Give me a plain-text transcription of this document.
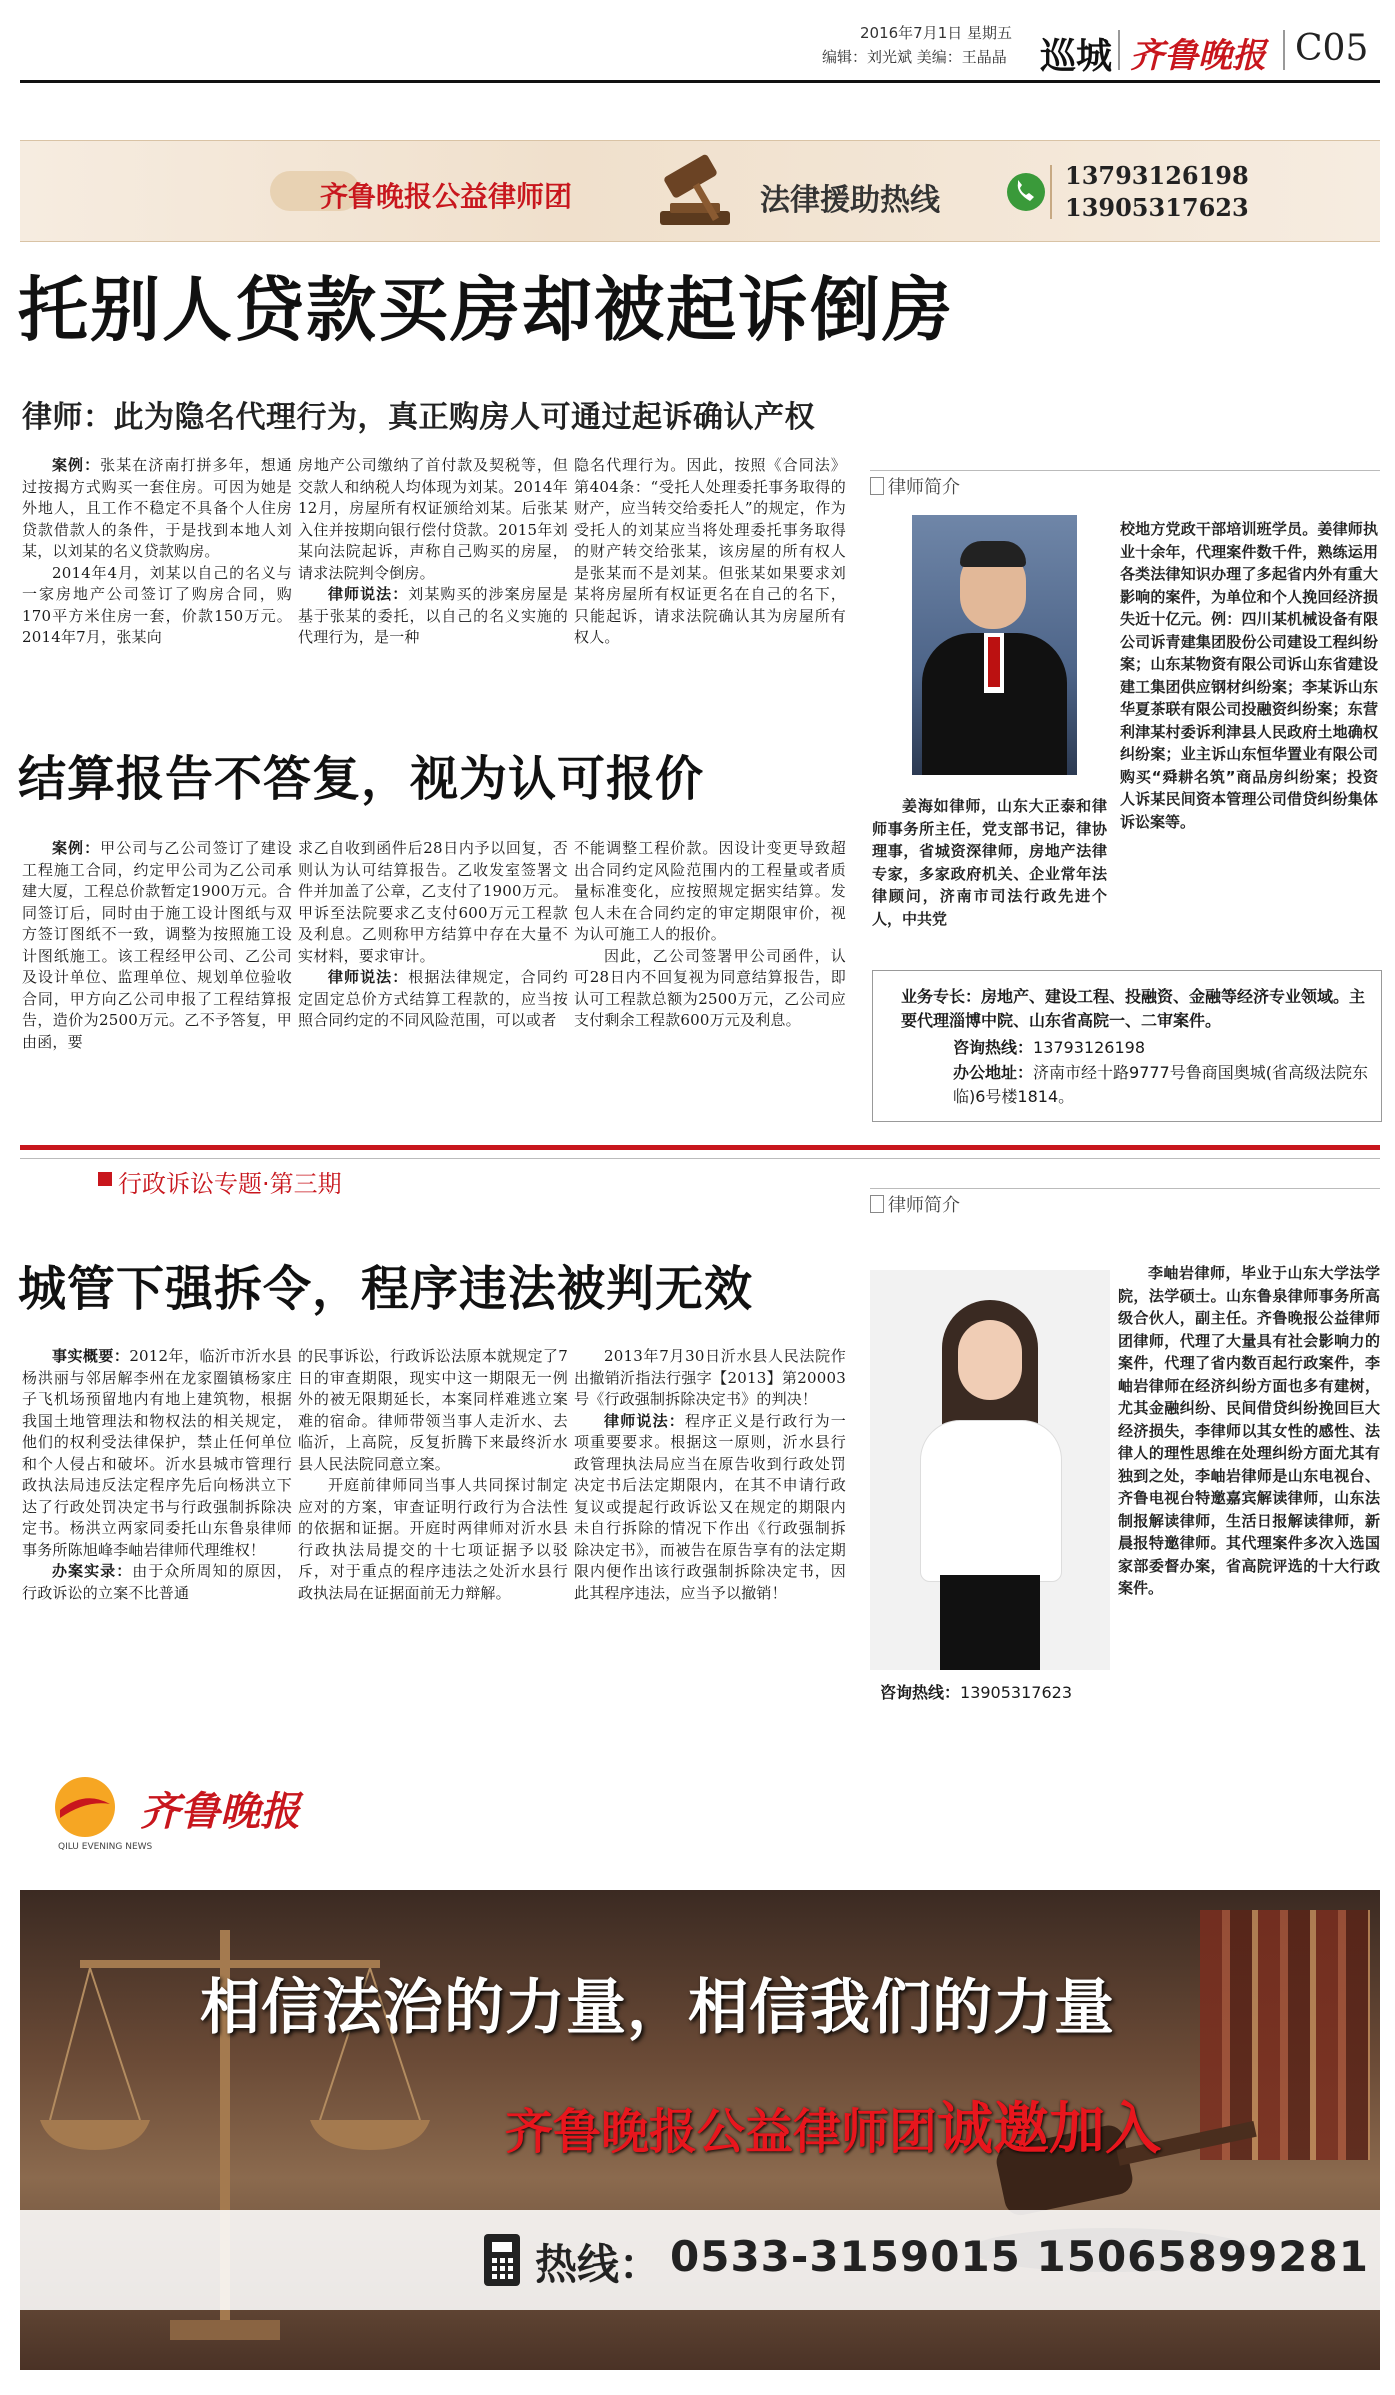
2016年7月1日 星期五
编辑：刘光斌 美编：王晶晶 巡城 齐鲁晚报 C05
齐鲁晚报公益律师团	法律援助热线
13793126198
13905317623
托别人贷款买房却被起诉倒房
律师：此为隐名代理行为，真正购房人可通过起诉确认产权

案例：张某在济南打拼多年，想通过按揭方式购买一套住房。可因为她是外地人，且工作不稳定不具备个人住房贷款借款人的条件，于是找到本地人刘某，以刘某的名义贷款购房。

2014年4月，刘某以自己的名义与一家房地产公司签订了购房合同，购170平方米住房一套，价款150万元。2014年7月，张某向

房地产公司缴纳了首付款及契税等，但交款人和纳税人均体现为刘某。2014年12月，房屋所有权证颁给刘某。后张某入住并按期向银行偿付贷款。2015年刘某向法院起诉，声称自己购买的房屋，请求法院判令倒房。

律师说法：刘某购买的涉案房屋是基于张某的委托，以自己的名义实施的代理行为，是一种

隐名代理行为。因此，按照《合同法》第404条：“受托人处理委托事务取得的财产，应当转交给委托人”的规定，作为受托人的刘某应当将处理委托事务取得的财产转交给张某，该房屋的所有权人是张某而不是刘某。但张某如果要求刘某将房屋所有权证更名在自己的名下，只能起诉，请求法院确认其为房屋所有权人。

律师简介

姜海如律师，山东大正泰和律师事务所主任，党支部书记，律协理事，省城资深律师，房地产法律专家，多家政府机关、企业常年法律顾问，济南市司法行政先进个人，中共党

校地方党政干部培训班学员。姜律师执业十余年，代理案件数千件，熟练运用各类法律知识办理了多起省内外有重大影响的案件，为单位和个人挽回经济损失近十亿元。例：四川某机械设备有限公司诉青建集团股份公司建设工程纠纷案；山东某物资有限公司诉山东省建设建工集团供应钢材纠纷案；李某诉山东华夏茶联有限公司投融资纠纷案；东营利津某村委诉利津县人民政府土地确权纠纷案；业主诉山东恒华置业有限公司购买“舜耕名筑”商品房纠纷案；投资人诉某民间资本管理公司借贷纠纷集体诉讼案等。

业务专长：房地产、建设工程、投融资、金融等经济专业领域。主要代理淄博中院、山东省高院一、二审案件。
咨询热线：13793126198
办公地址：济南市经十路9777号鲁商国奥城(省高级法院东临)6号楼1814。
结算报告不答复，视为认可报价

案例：甲公司与乙公司签订了建设工程施工合同，约定甲公司为乙公司承建大厦，工程总价款暂定1900万元。合同签订后，同时由于施工设计图纸与双方签订图纸不一致，调整为按照施工设计图纸施工。该工程经甲公司、乙公司及设计单位、监理单位、规划单位验收合同，甲方向乙公司申报了工程结算报告，造价为2500万元。乙不予答复，甲由函，要

求乙自收到函件后28日内予以回复，否则认为认可结算报告。乙收发室签署文件并加盖了公章，乙支付了1900万元。甲诉至法院要求乙支付600万元工程款及利息。乙则称甲方结算中存在大量不实材料，要求审计。

律师说法：根据法律规定，合同约定固定总价方式结算工程款的，应当按照合同约定的不同风险范围，可以或者

不能调整工程价款。因设计变更导致超出合同约定风险范围内的工程量或者质量标准变化，应按照规定据实结算。发包人未在合同约定的审定期限审价，视为认可施工人的报价。

因此，乙公司签署甲公司函件，认可28日内不回复视为同意结算报告，即认可工程款总额为2500万元，乙公司应支付剩余工程款600万元及利息。

行政诉讼专题·第三期
城管下强拆令，程序违法被判无效

事实概要：2012年，临沂市沂水县杨洪丽与邻居解李州在龙家圈镇杨家庄子飞机场预留地内有地上建筑物，根据我国土地管理法和物权法的相关规定，他们的权利受法律保护，禁止任何单位和个人侵占和破坏。沂水县城市管理行政执法局违反法定程序先后向杨洪立下达了行政处罚决定书与行政强制拆除决定书。杨洪立两家同委托山东鲁泉律师事务所陈旭峰李岫岩律师代理维权！

办案实录：由于众所周知的原因，行政诉讼的立案不比普通

的民事诉讼，行政诉讼法原本就规定了7日的审查期限，现实中这一期限无一例外的被无限期延长，本案同样难逃立案难的宿命。律师带领当事人走沂水、去临沂，上高院，反复折腾下来最终沂水县人民法院同意立案。

开庭前律师同当事人共同探讨制定应对的方案，审查证明行政行为合法性的依据和证据。开庭时两律师对沂水县行政执法局提交的十七项证据予以驳斥，对于重点的程序违法之处沂水县行政执法局在证据面前无力辩解。

2013年7月30日沂水县人民法院作出撤销沂指法行强字【2013】第20003号《行政强制拆除决定书》的判决！

律师说法：程序正义是行政行为一项重要要求。根据这一原则，沂水县行政管理执法局应当在原告收到行政处罚决定书后法定期限内，在其不申请行政复议或提起行政诉讼又在规定的期限内未自行拆除的情况下作出《行政强制拆除决定书》，而被告在原告享有的法定期限内便作出该行政强制拆除决定书，因此其程序违法，应当予以撤销！

律师简介
咨询热线：13905317623

李岫岩律师，毕业于山东大学法学院，法学硕士。山东鲁泉律师事务所高级合伙人，副主任。齐鲁晚报公益律师团律师，代理了大量具有社会影响力的案件，代理了省内数百起行政案件，李岫岩律师在经济纠纷方面也多有建树，尤其金融纠纷、民间借贷纠纷挽回巨大经济损失，李律师以其女性的感性、法律人的理性思维在处理纠纷方面尤其有独到之处，李岫岩律师是山东电视台、齐鲁电视台特邀嘉宾解读律师，山东法制报解读律师，生活日报解读律师，新晨报特邀律师。其代理案件多次入选国家部委督办案，省高院评选的十大行政案件。

齐鲁晚报
QILU EVENING NEWS
相信法治的力量，相信我们的力量
齐鲁晚报公益律师团诚邀加入
热线： 0533-3159015 15065899281
